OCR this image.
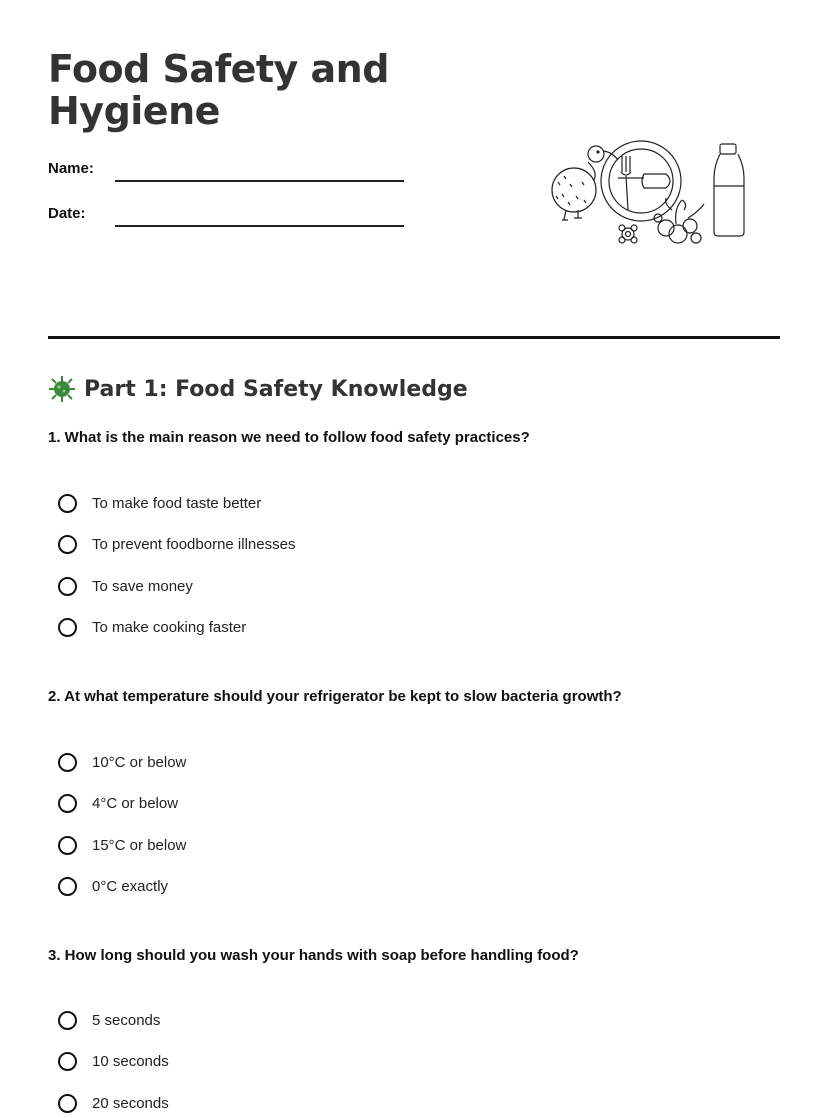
Food Safety and Hygiene
Name:
Date:
Part 1: Food Safety Knowledge
1. What is the main reason we need to follow food safety practices?
To make food taste better
To prevent foodborne illnesses
To save money
To make cooking faster
2. At what temperature should your refrigerator be kept to slow bacteria growth?
10°C or below
4°C or below
15°C or below
0°C exactly
3. How long should you wash your hands with soap before handling food?
5 seconds
10 seconds
20 seconds
